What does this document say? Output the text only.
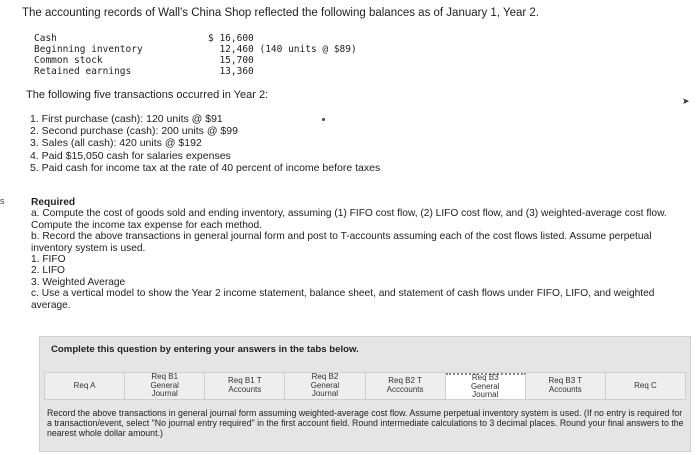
The accounting records of Wall's China Shop reflected the following balances as of January 1, Year 2.
Cash	$ 16,600
Beginning inventory	12,460 (140 units @ $89)
Common stock	15,700
Retained earnings	13,360
The following five transactions occurred in Year 2:
1. First purchase (cash): 120 units @ $91
2. Second purchase (cash): 200 units @ $99
3. Sales (all cash): 420 units @ $192
4. Paid $15,050 cash for salaries expenses
5. Paid cash for income tax at the rate of 40 percent of income before taxes
➤
s	Required
a. Compute the cost of goods sold and ending inventory, assuming (1) FIFO cost flow, (2) LIFO cost flow, and (3) weighted-average cost flow. Compute the income tax expense for each method.
b. Record the above transactions in general journal form and post to T-accounts assuming each of the cost flows listed. Assume perpetual inventory system is used.
1. FIFO
2. LIFO
3. Weighted Average
c. Use a vertical model to show the Year 2 income statement, balance sheet, and statement of cash flows under FIFO, LIFO, and weighted average.
Complete this question by entering your answers in the tabs below.
Req A
Req B1
General
Journal
Req B1 T
Accounts
Req B2
General
Journal
Req B2 T
Acccounts
Req B3
General
Journal
Req B3 T
Accounts	Req C
Record the above transactions in general journal form assuming weighted-average cost flow. Assume perpetual inventory system is used. (If no entry is required for a transaction/event, select "No journal entry required" in the first account field. Round intermediate calculations to 3 decimal places. Round your final answers to the nearest whole dollar amount.)
